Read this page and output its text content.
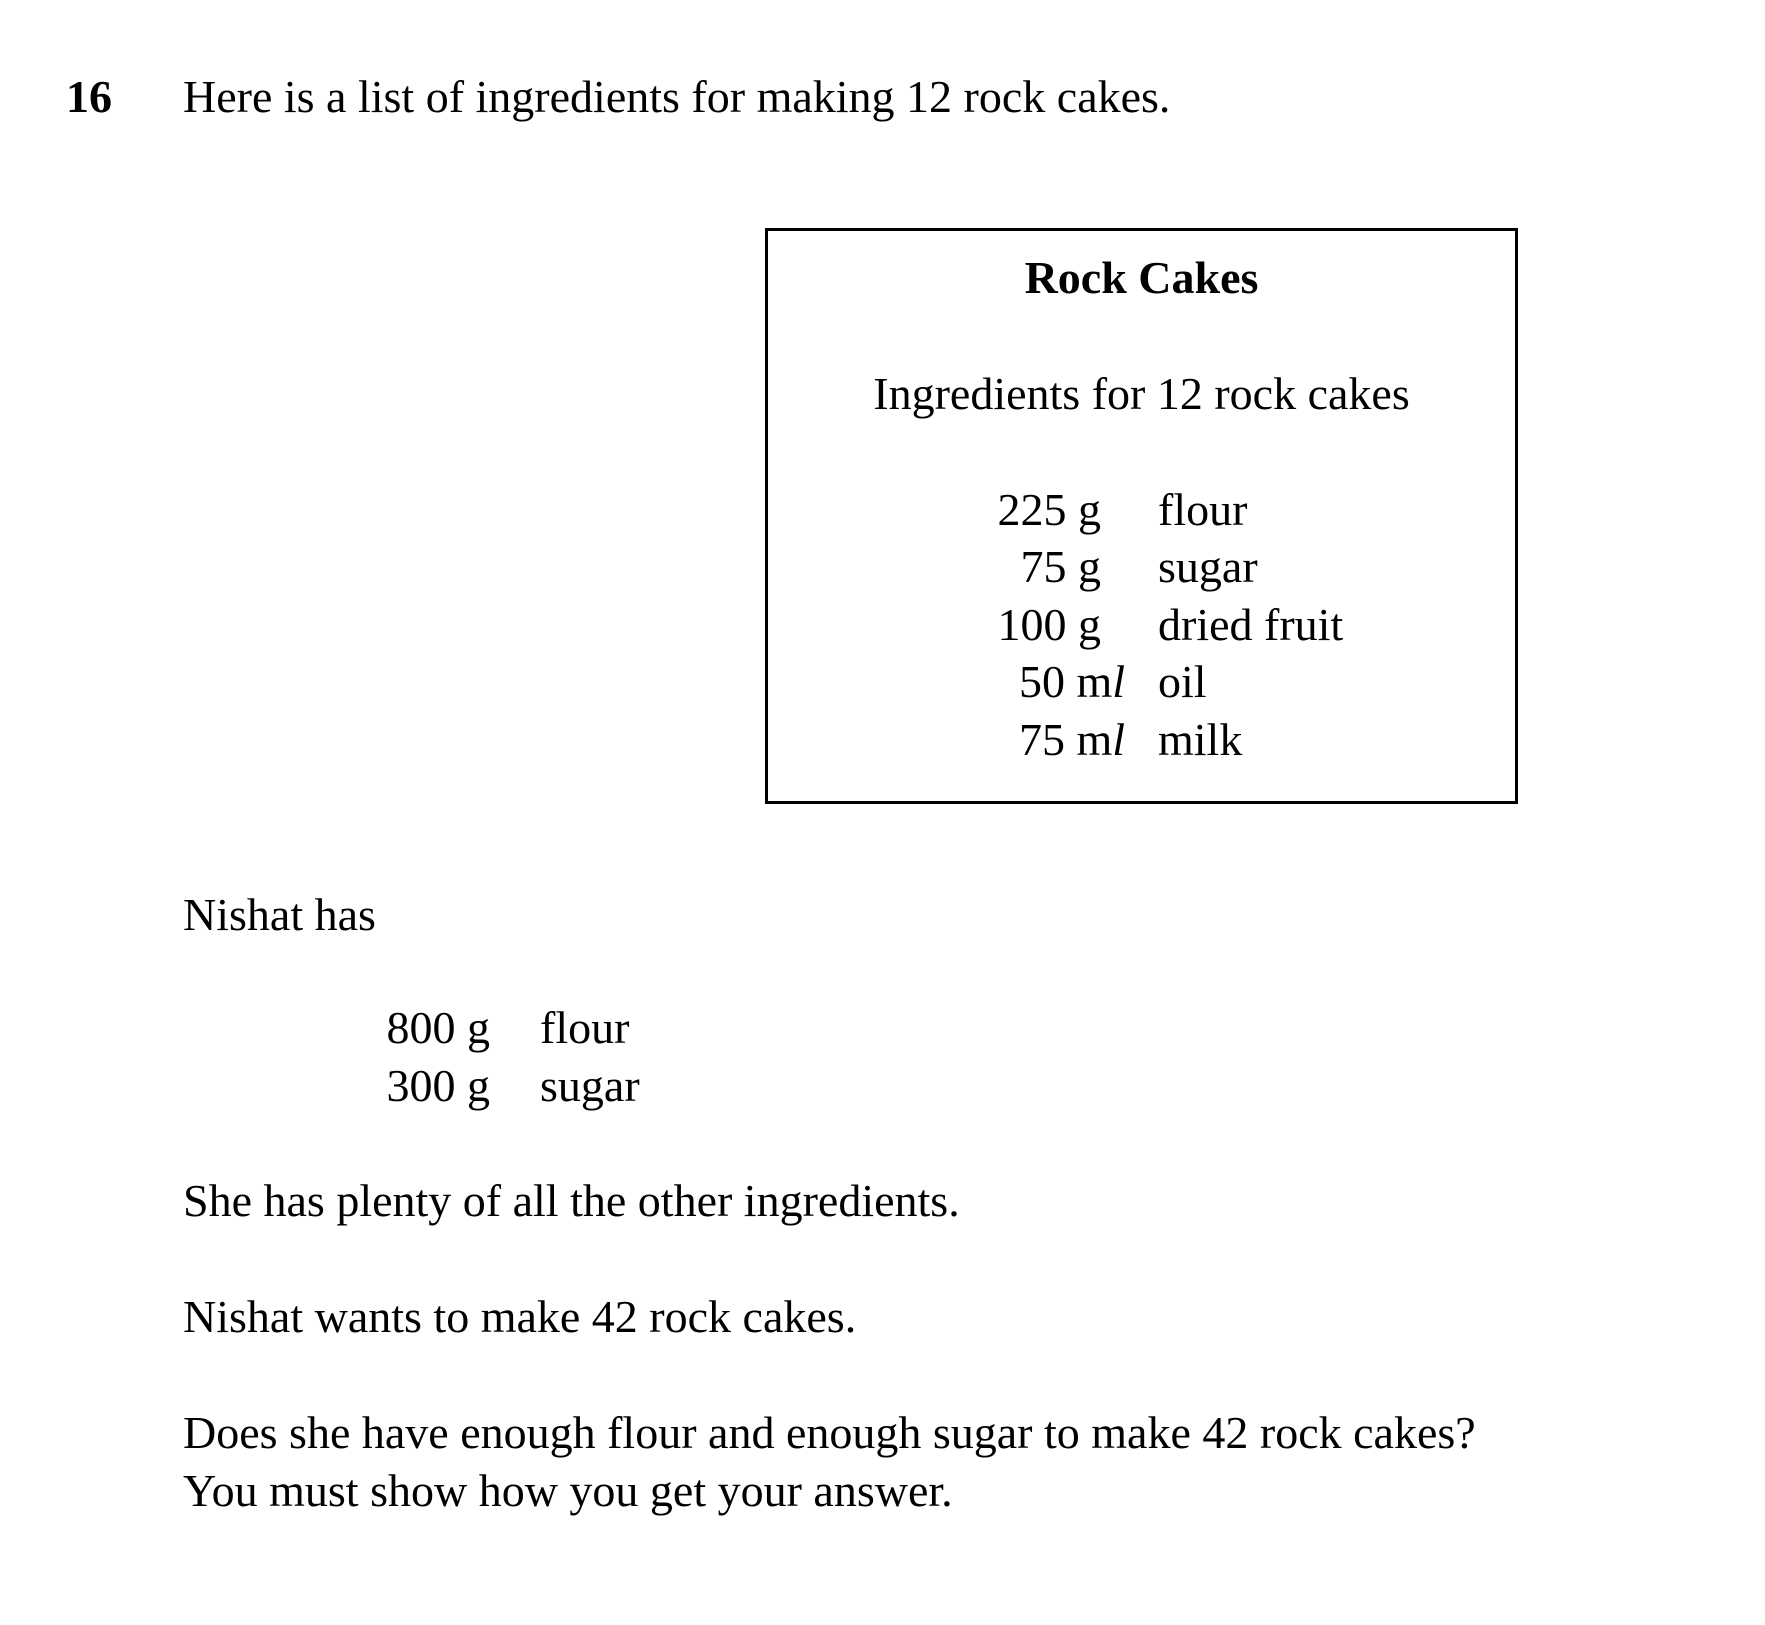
16 Here is a list of ingredients for making 12 rock cakes.
Rock Cakes
Ingredients for 12 rock cakes
225 g flour
75 g sugar
100 g dried fruit
50 ml oil
75 ml milk
Nishat has
800 g flour
300 g sugar
She has plenty of all the other ingredients.
Nishat wants to make 42 rock cakes.
Does she have enough flour and enough sugar to make 42 rock cakes?
You must show how you get your answer.
